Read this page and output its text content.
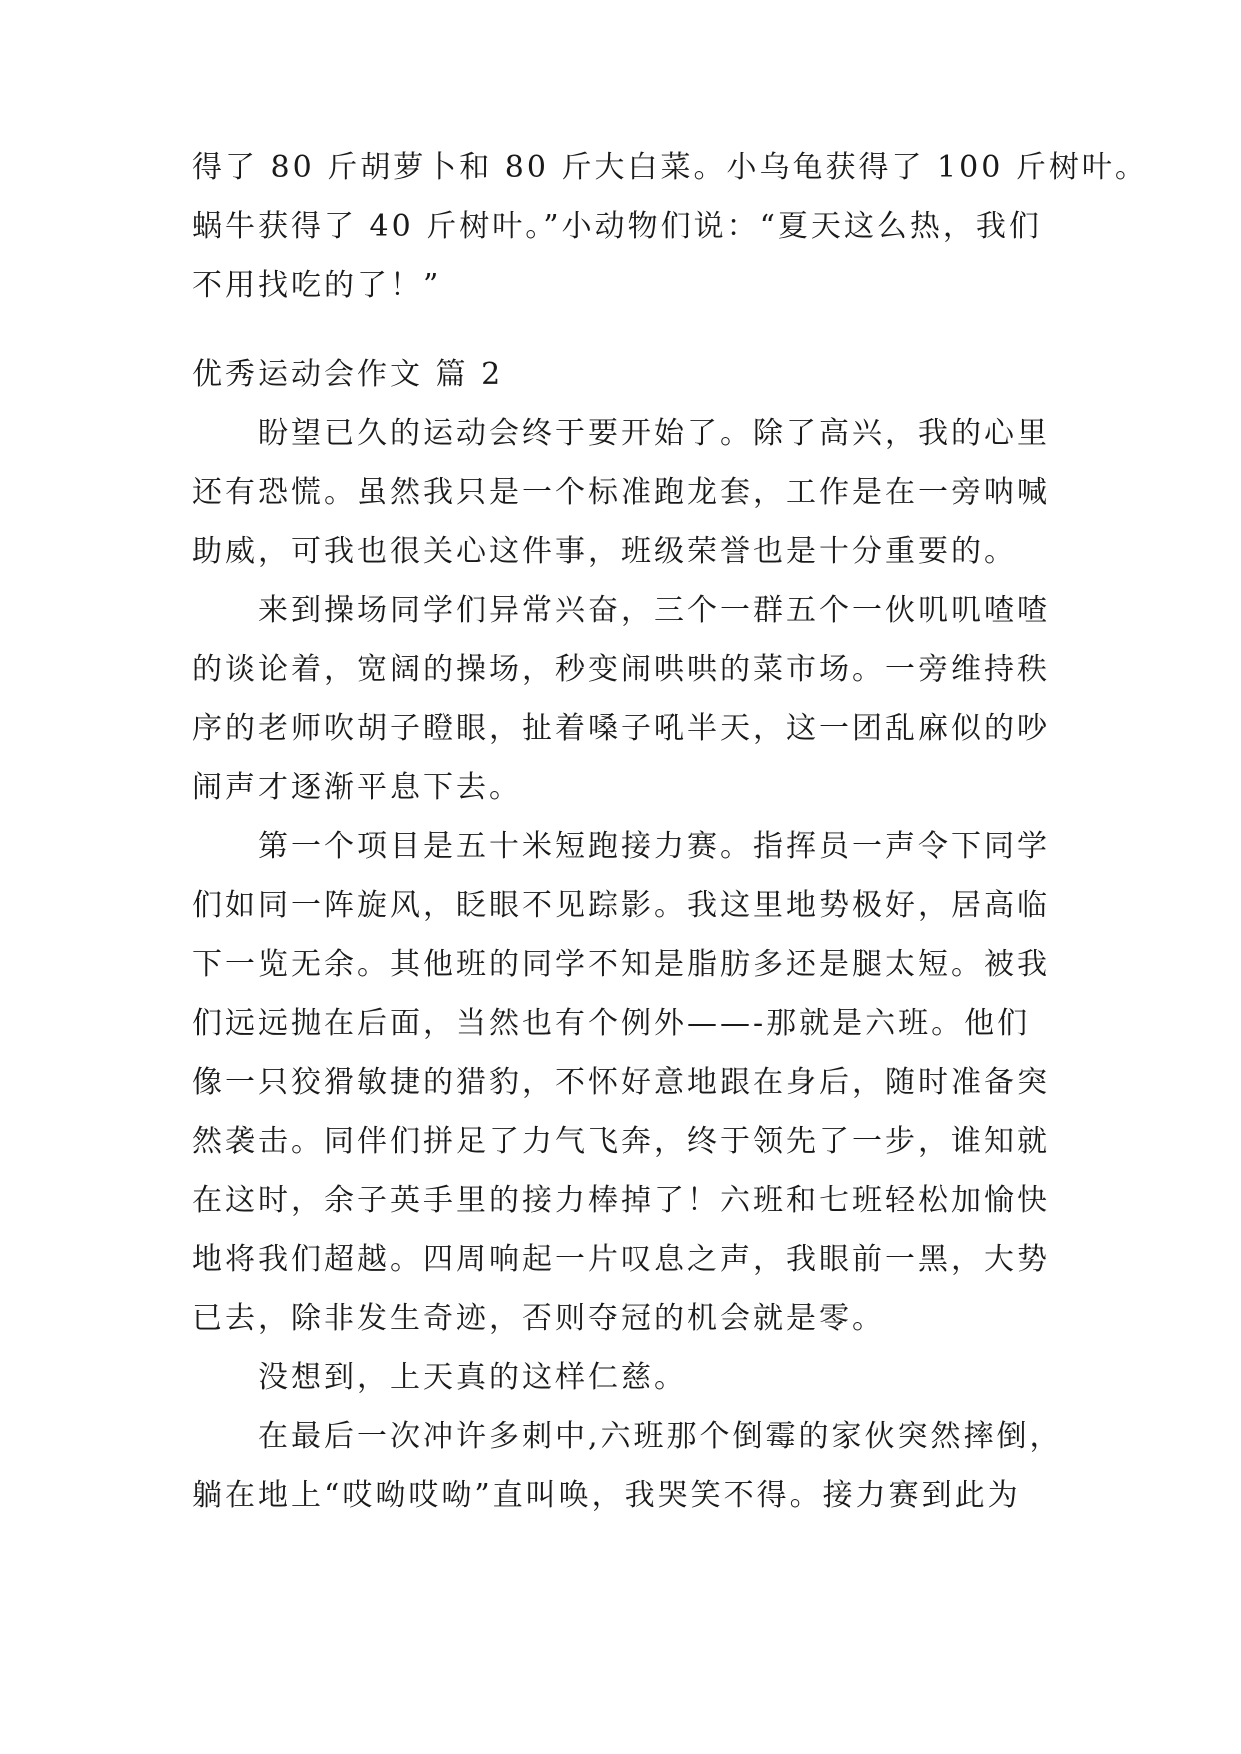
得了 80 斤胡萝卜和 80 斤大白菜。小乌龟获得了 100 斤树叶。
蜗牛获得了 40 斤树叶。”小动物们说：“夏天这么热，我们
不用找吃的了！”
优秀运动会作文 篇 2
盼望已久的运动会终于要开始了。除了高兴，我的心里
还有恐慌。虽然我只是一个标准跑龙套，工作是在一旁呐喊
助威，可我也很关心这件事，班级荣誉也是十分重要的。
来到操场同学们异常兴奋，三个一群五个一伙叽叽喳喳
的谈论着，宽阔的操场，秒变闹哄哄的菜市场。一旁维持秩
序的老师吹胡子瞪眼，扯着嗓子吼半天，这一团乱麻似的吵
闹声才逐渐平息下去。
第一个项目是五十米短跑接力赛。指挥员一声令下同学
们如同一阵旋风，眨眼不见踪影。我这里地势极好，居高临
下一览无余。其他班的同学不知是脂肪多还是腿太短。被我
们远远抛在后面，当然也有个例外——-那就是六班。他们
像一只狡猾敏捷的猎豹，不怀好意地跟在身后，随时准备突
然袭击。同伴们拼足了力气飞奔，终于领先了一步，谁知就
在这时，余子英手里的接力棒掉了！六班和七班轻松加愉快
地将我们超越。四周响起一片叹息之声，我眼前一黑，大势
已去，除非发生奇迹，否则夺冠的机会就是零。
没想到，上天真的这样仁慈。
在最后一次冲许多刺中,六班那个倒霉的家伙突然摔倒，
躺在地上“哎呦哎呦”直叫唤，我哭笑不得。接力赛到此为
